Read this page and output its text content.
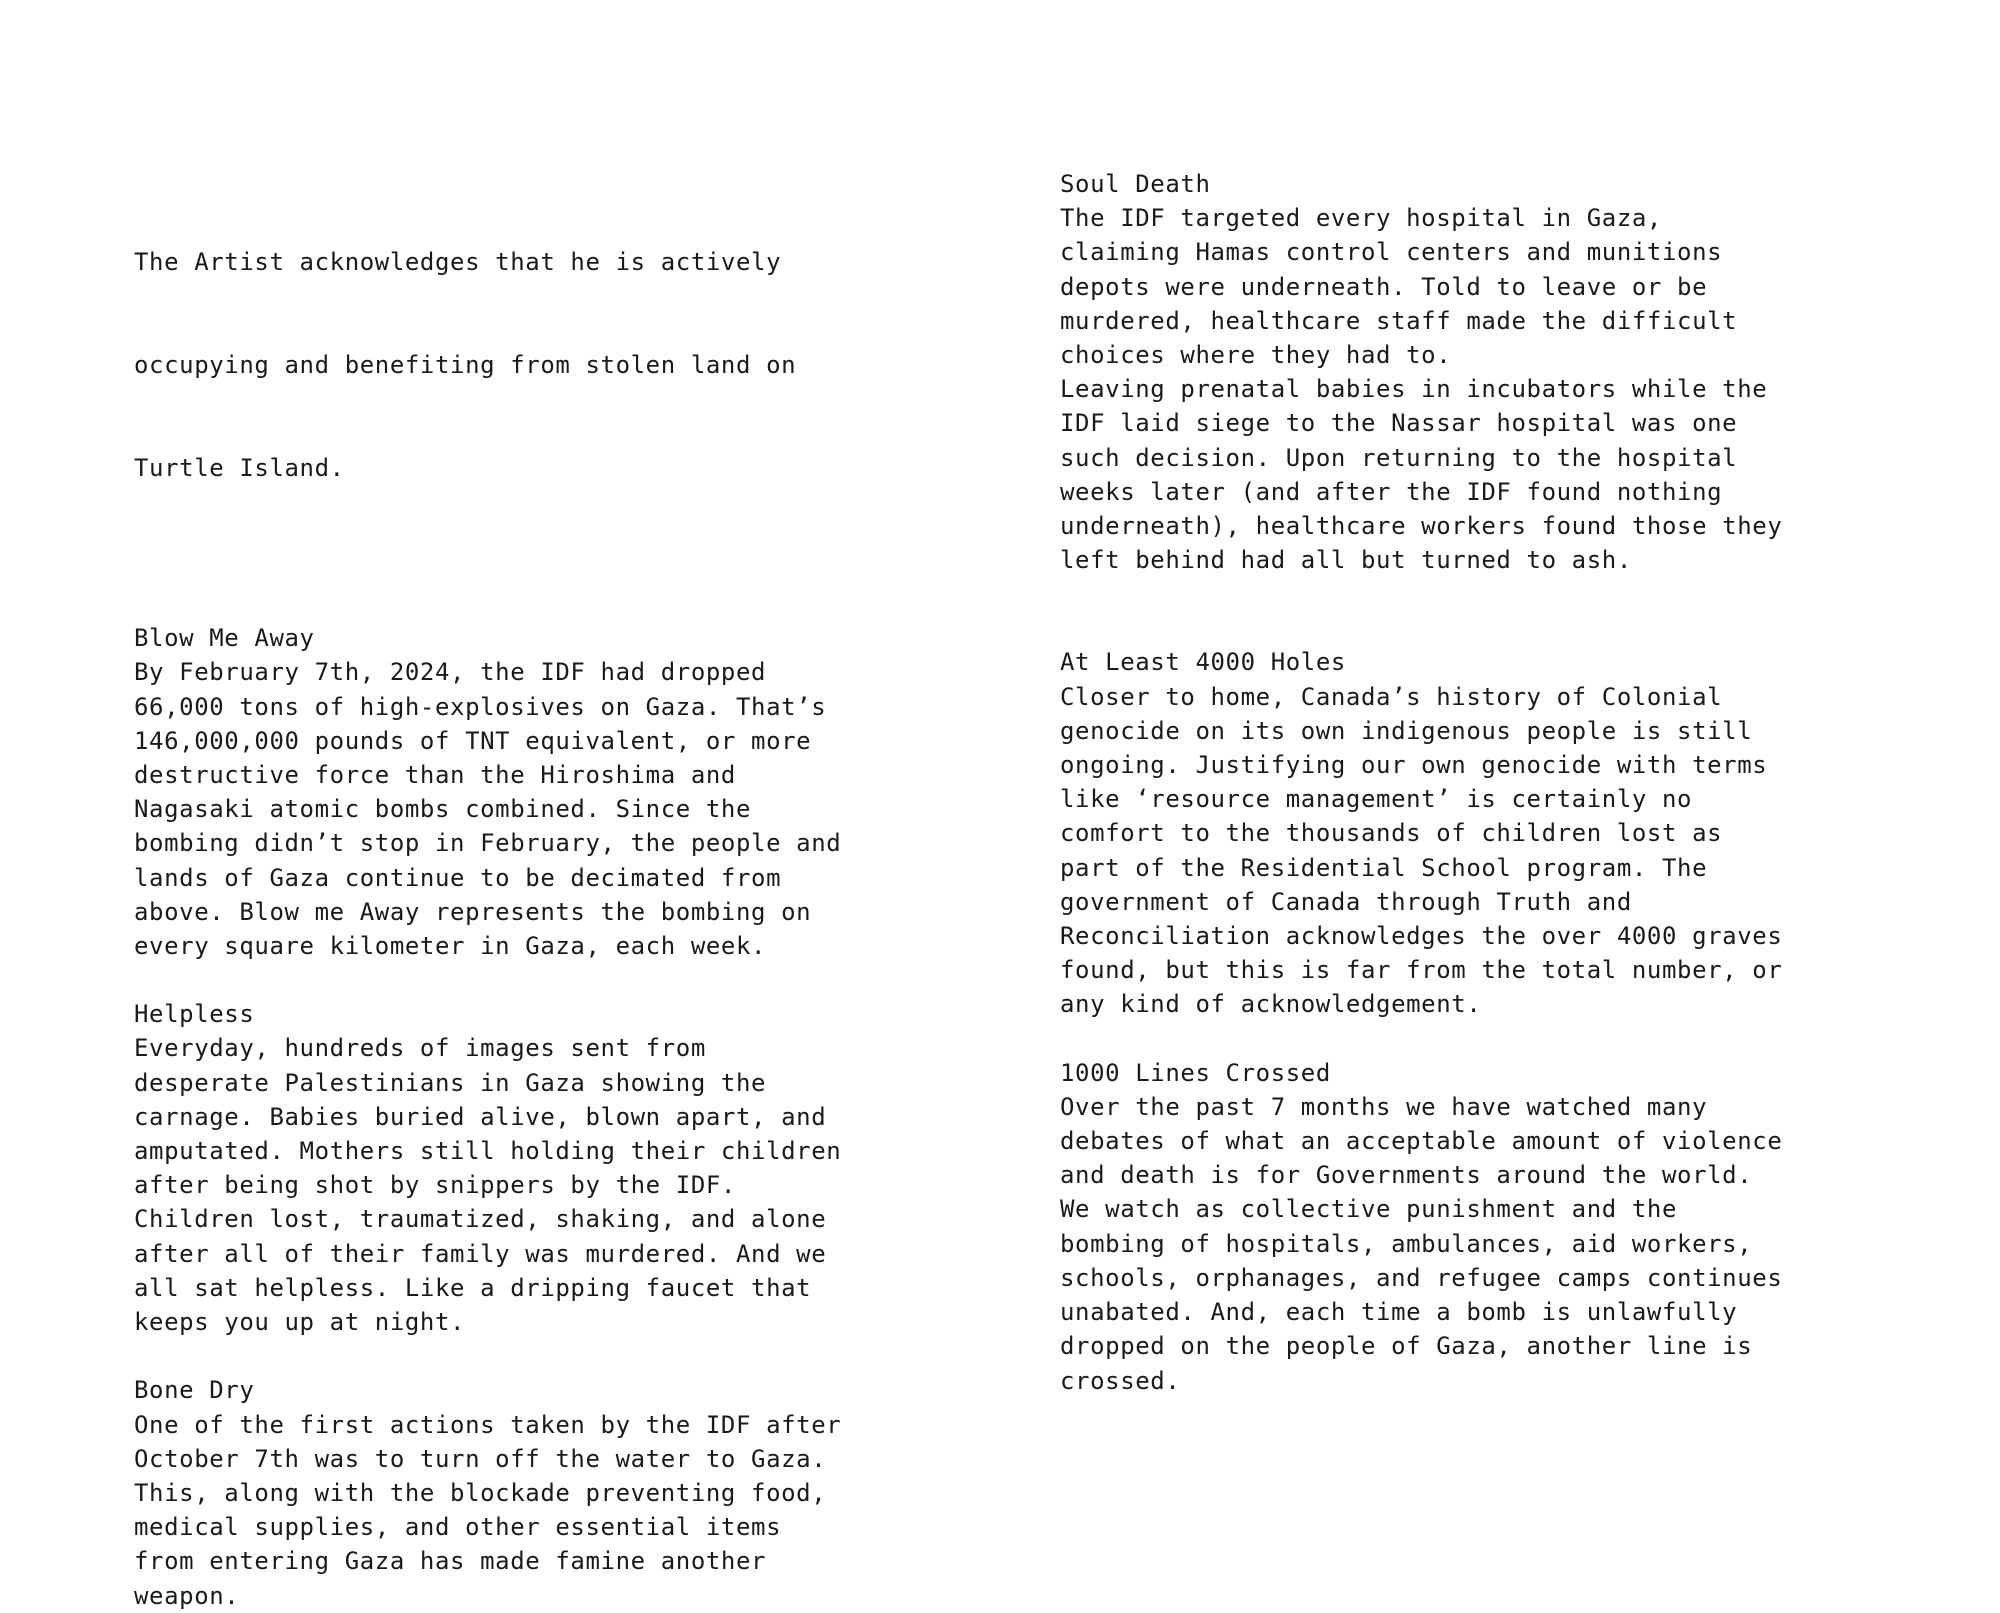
The Artist acknowledges that he is actively

occupying and benefiting from stolen land on

Turtle Island.

Blow Me Away
By February 7th, 2024, the IDF had dropped
66,000 tons of high-explosives on Gaza. That’s
146,000,000 pounds of TNT equivalent, or more
destructive force than the Hiroshima and
Nagasaki atomic bombs combined. Since the
bombing didn’t stop in February, the people and
lands of Gaza continue to be decimated from
above. Blow me Away represents the bombing on
every square kilometer in Gaza, each week.
Helpless
Everyday, hundreds of images sent from
desperate Palestinians in Gaza showing the
carnage. Babies buried alive, blown apart, and
amputated. Mothers still holding their children
after being shot by snippers by the IDF.
Children lost, traumatized, shaking, and alone
after all of their family was murdered. And we
all sat helpless. Like a dripping faucet that
keeps you up at night.
Bone Dry
One of the first actions taken by the IDF after
October 7th was to turn off the water to Gaza.
This, along with the blockade preventing food,
medical supplies, and other essential items
from entering Gaza has made famine another
weapon.
Soul Death
The IDF targeted every hospital in Gaza,
claiming Hamas control centers and munitions
depots were underneath. Told to leave or be
murdered, healthcare staff made the difficult
choices where they had to.
Leaving prenatal babies in incubators while the
IDF laid siege to the Nassar hospital was one
such decision. Upon returning to the hospital
weeks later (and after the IDF found nothing
underneath), healthcare workers found those they
left behind had all but turned to ash.
At Least 4000 Holes
Closer to home, Canada’s history of Colonial
genocide on its own indigenous people is still
ongoing. Justifying our own genocide with terms
like ‘resource management’ is certainly no
comfort to the thousands of children lost as
part of the Residential School program. The
government of Canada through Truth and
Reconciliation acknowledges the over 4000 graves
found, but this is far from the total number, or
any kind of acknowledgement.
1000 Lines Crossed
Over the past 7 months we have watched many
debates of what an acceptable amount of violence
and death is for Governments around the world.
We watch as collective punishment and the
bombing of hospitals, ambulances, aid workers,
schools, orphanages, and refugee camps continues
unabated. And, each time a bomb is unlawfully
dropped on the people of Gaza, another line is
crossed.
